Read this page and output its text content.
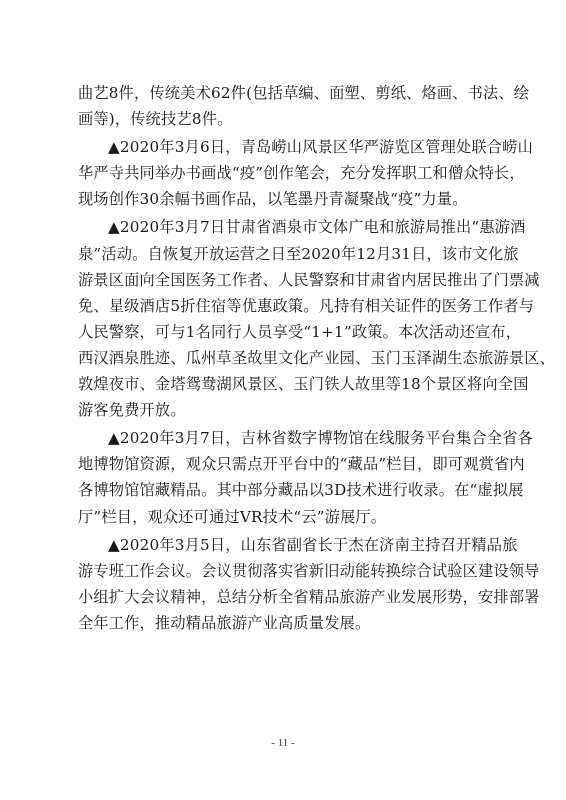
曲艺8件，传统美术62件(包括草编、面塑、剪纸、烙画、书法、绘
画等)，传统技艺8件。

▲2020年3月6日，青岛崂山风景区华严游览区管理处联合崂山
华严寺共同举办书画战“疫”创作笔会，充分发挥职工和僧众特长，
现场创作30余幅书画作品，以笔墨丹青凝聚战“疫”力量。

▲2020年3月7日甘肃省酒泉市文体广电和旅游局推出“惠游酒
泉”活动。自恢复开放运营之日至2020年12月31日，该市文化旅
游景区面向全国医务工作者、人民警察和甘肃省内居民推出了门票减
免、星级酒店5折住宿等优惠政策。凡持有相关证件的医务工作者与
人民警察，可与1名同行人员享受“1+1”政策。本次活动还宣布，
西汉酒泉胜迹、瓜州草圣故里文化产业园、玉门玉泽湖生态旅游景区、
敦煌夜市、金塔鸳鸯湖风景区、玉门铁人故里等18个景区将向全国
游客免费开放。

▲2020年3月7日，吉林省数字博物馆在线服务平台集合全省各
地博物馆资源，观众只需点开平台中的“藏品”栏目，即可观赏省内
各博物馆馆藏精品。其中部分藏品以3D技术进行收录。在“虚拟展
厅”栏目，观众还可通过VR技术“云”游展厅。

▲2020年3月5日，山东省副省长于杰在济南主持召开精品旅
游专班工作会议。会议贯彻落实省新旧动能转换综合试验区建设领导
小组扩大会议精神，总结分析全省精品旅游产业发展形势，安排部署
全年工作，推动精品旅游产业高质量发展。

- 11 -
